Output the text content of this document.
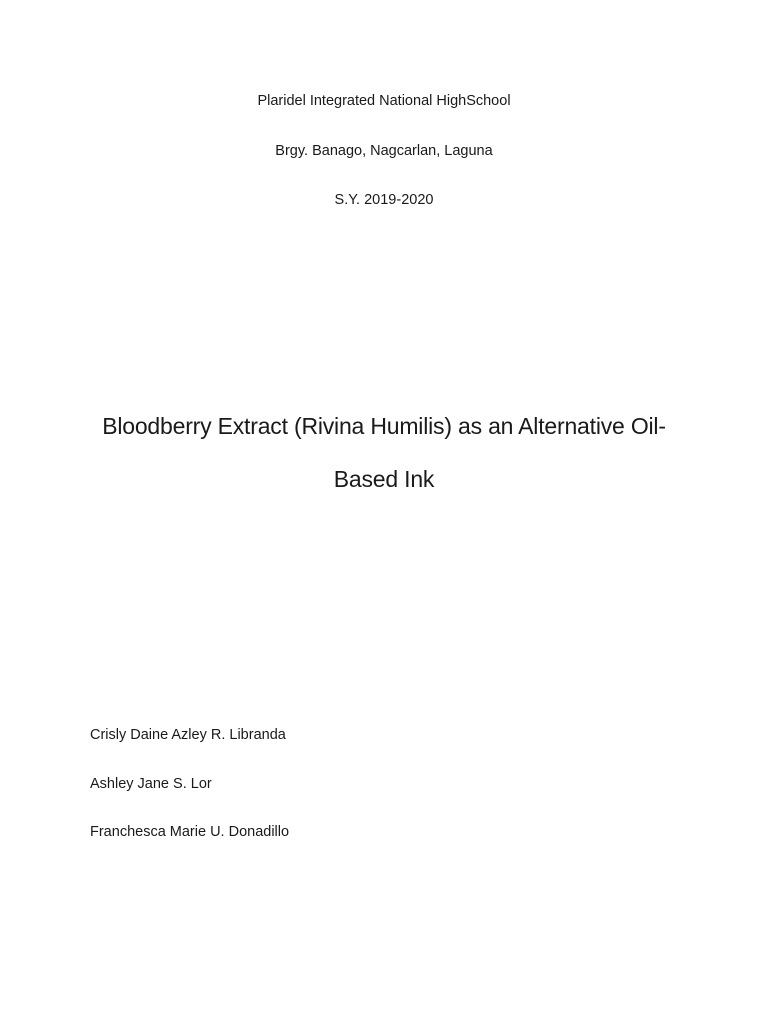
Plaridel Integrated National HighSchool
Brgy. Banago, Nagcarlan, Laguna
S.Y. 2019-2020
Bloodberry Extract (Rivina Humilis) as an Alternative Oil-
Based Ink
Crisly Daine Azley R. Libranda
Ashley Jane S. Lor
Franchesca Marie U. Donadillo
